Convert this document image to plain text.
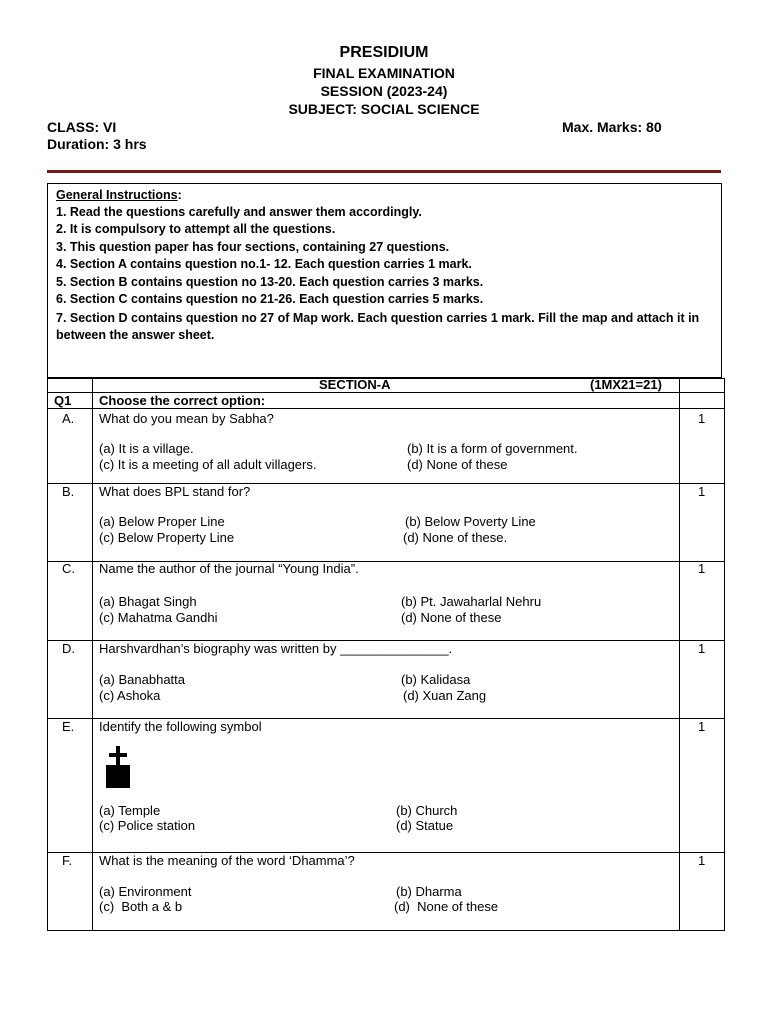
PRESIDIUM
FINAL EXAMINATION
SESSION (2023-24)
SUBJECT: SOCIAL SCIENCE
CLASS: VI	Max. Marks: 80
Duration: 3 hrs
General Instructions:
1. Read the questions carefully and answer them accordingly.
2. It is compulsory to attempt all the questions.
3. This question paper has four sections, containing 27 questions.
4. Section A contains question no.1- 12. Each question carries 1 mark.
5. Section B contains question no 13-20. Each question carries 3 marks.
6. Section C contains question no 21-26. Each question carries 5 marks.
7. Section D contains question no 27 of Map work. Each question carries 1 mark. Fill the map and attach it in between the answer sheet.
SECTION-A	(1MX21=21)
Q1 Choose the correct option:
A. What do you mean by Sabha?	1
(a) It is a village.	(b) It is a form of government.
(c) It is a meeting of all adult villagers.	(d) None of these
B. What does BPL stand for?	1
(a) Below Proper Line	(b) Below Poverty Line
(c) Below Property Line	(d) None of these.
C. Name the author of the journal “Young India”.	1
(a) Bhagat Singh	(b) Pt. Jawaharlal Nehru
(c) Mahatma Gandhi	(d) None of these
D. Harshvardhan’s biography was written by _______________.	1
(a) Banabhatta	(b) Kalidasa
(c) Ashoka	(d) Xuan Zang
E. Identify the following symbol	1
(a) Temple	(b) Church
(c) Police station	(d) Statue
F. What is the meaning of the word ‘Dhamma’?	1
(a) Environment	(b) Dharma
(c)  Both a & b	(d)  None of these
